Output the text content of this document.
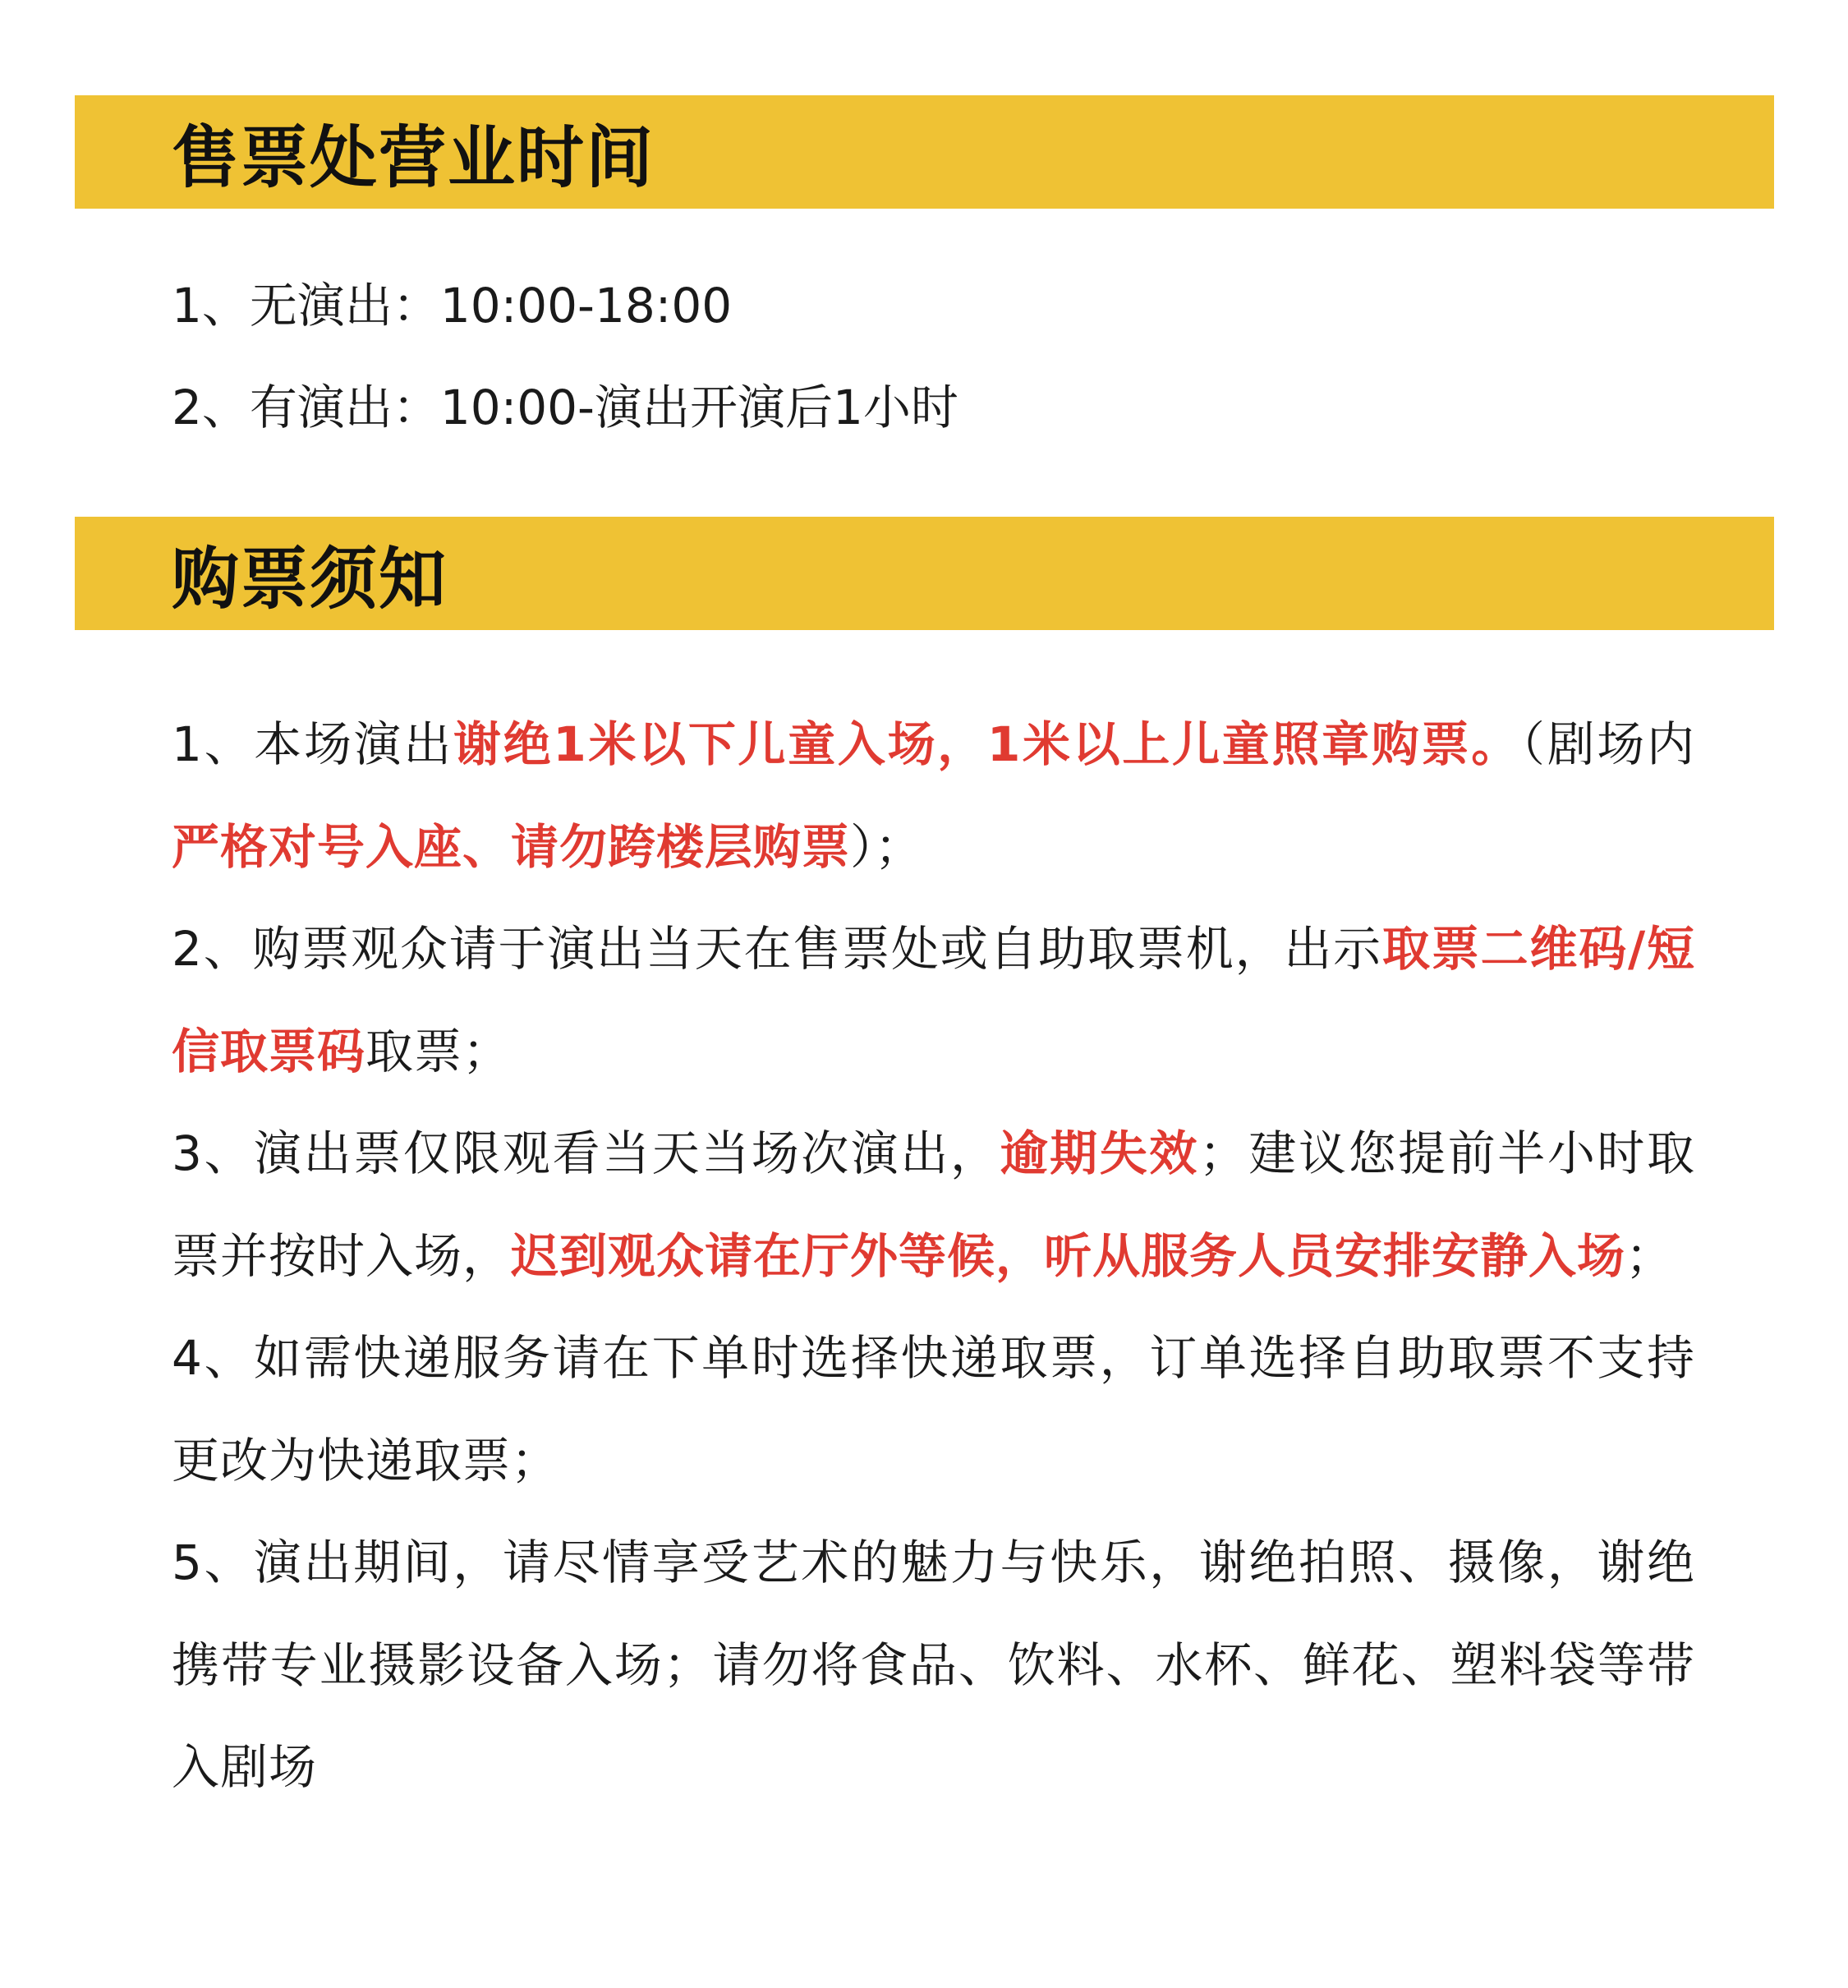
售票处营业时间
1、无演出：10:00-18:00
2、有演出：10:00-演出开演后1小时
购票须知
1、本场演出谢绝1米以下儿童入场，1米以上儿童照章购票。（剧场内严格对号入座、请勿跨楼层购票）；
2、购票观众请于演出当天在售票处或自助取票机，出示取票二维码/短信取票码取票；
3、演出票仅限观看当天当场次演出，逾期失效；建议您提前半小时取票并按时入场，迟到观众请在厅外等候，听从服务人员安排安静入场；
4、如需快递服务请在下单时选择快递取票，订单选择自助取票不支持更改为快递取票；
5、演出期间，请尽情享受艺术的魅力与快乐，谢绝拍照、摄像，谢绝携带专业摄影设备入场；请勿将食品、饮料、水杯、鲜花、塑料袋等带入剧场
